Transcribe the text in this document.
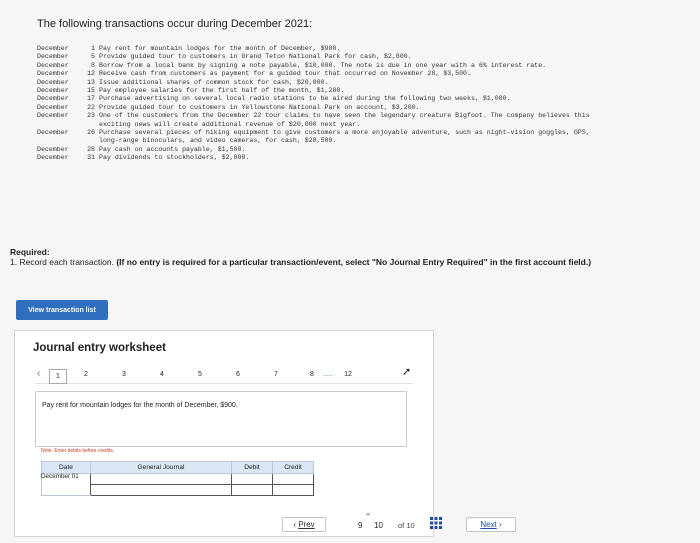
The following transactions occur during December 2021:
December	1 Pay rent for mountain lodges for the month of December, $900.
December	5 Provide guided tour to customers in Grand Teton National Park for cash, $2,800.
December	8 Borrow from a local bank by signing a note payable, $10,000. The note is due in one year with a 6% interest rate.
December	12 Receive cash from customers as payment for a guided tour that occurred on November 28, $3,500.
December	13 Issue additional shares of common stock for cash, $20,000.
December	15 Pay employee salaries for the first half of the month, $1,200.
December	17 Purchase advertising on several local radio stations to be aired during the following two weeks, $1,000.
December	22 Provide guided tour to customers in Yellowstone National Park on account, $3,200.
December	23 One of the customers from the December 22 tour claims to have seen the legendary creature Bigfoot. The company believes this exciting news will create additional revenue of $20,000 next year.
December	26 Purchase several pieces of hiking equipment to give customers a more enjoyable adventure, such as night-vision goggles, GPS, long-range binoculars, and video cameras, for cash, $28,500.
December	28 Pay cash on accounts payable, $1,500.
December	31 Pay dividends to stockholders, $2,000.
Required:
1. Record each transaction. (If no entry is required for a particular transaction/event, select "No Journal Entry Required" in the first account field.)
View transaction list
Journal entry worksheet
‹	1	2	3	4	5	6	7	8	..... 12
Pay rent for mountain lodges for the month of December, $900.
Note: Enter debits before credits.
Date	General Journal	Debit	Credit

December 01
➚
‹ Prev
∞
9 10 of 10	Next ›
